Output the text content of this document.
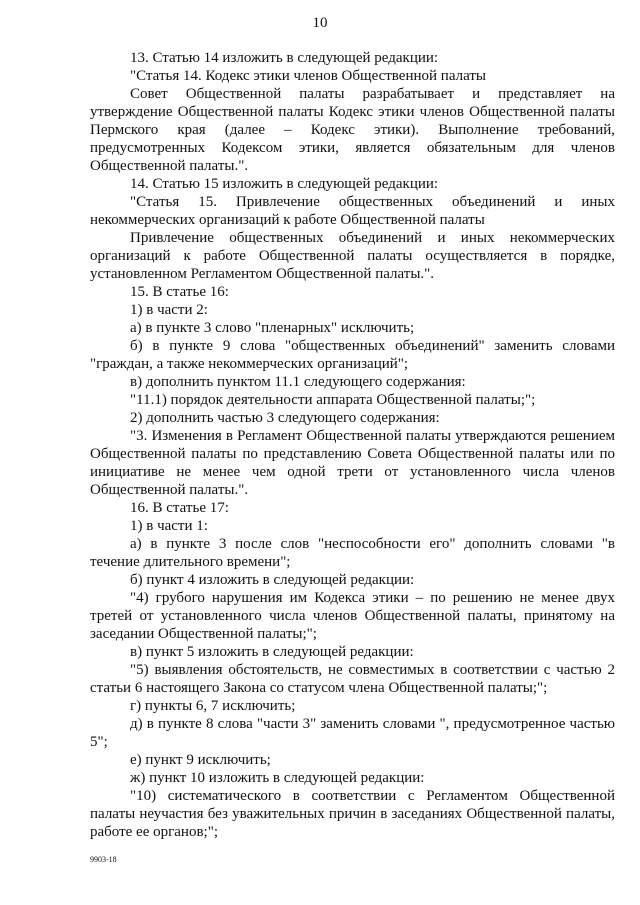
10

13. Статью 14 изложить в следующей редакции:

"Статья 14. Кодекс этики членов Общественной палаты

Совет Общественной палаты разрабатывает и представляет на утверждение Общественной палаты Кодекс этики членов Общественной палаты Пермского края (далее – Кодекс этики). Выполнение требований, предусмотренных Кодексом этики, является обязательным для членов Общественной палаты.".

14. Статью 15 изложить в следующей редакции:

"Статья 15. Привлечение общественных объединений и иных некоммерческих организаций к работе Общественной палаты

Привлечение общественных объединений и иных некоммерческих организаций к работе Общественной палаты осуществляется в порядке, установленном Регламентом Общественной палаты.".

15. В статье 16:

1) в части 2:

а) в пункте 3 слово "пленарных" исключить;

б) в пункте 9 слова "общественных объединений" заменить словами "граждан, а также некоммерческих организаций";

в) дополнить пунктом 11.1 следующего содержания:

"11.1) порядок деятельности аппарата Общественной палаты;";

2) дополнить частью 3 следующего содержания:

"3. Изменения в Регламент Общественной палаты утверждаются решением Общественной палаты по представлению Совета Общественной палаты или по инициативе не менее чем одной трети от установленного числа членов Общественной палаты.".

16. В статье 17:

1) в части 1:

а) в пункте 3 после слов "неспособности его" дополнить словами "в течение длительного времени";

б) пункт 4 изложить в следующей редакции:

"4) грубого нарушения им Кодекса этики – по решению не менее двух третей от установленного числа членов Общественной палаты, принятому на заседании Общественной палаты;";

в) пункт 5 изложить в следующей редакции:

"5) выявления обстоятельств, не совместимых в соответствии с частью 2 статьи 6 настоящего Закона со статусом члена Общественной палаты;";

г) пункты 6, 7 исключить;

д) в пункте 8 слова "части 3" заменить словами ", предусмотренное частью 5";

е) пункт 9 исключить;

ж) пункт 10 изложить в следующей редакции:

"10) систематического в соответствии с Регламентом Общественной палаты неучастия без уважительных причин в заседаниях Общественной палаты, работе ее органов;";

9903-18
